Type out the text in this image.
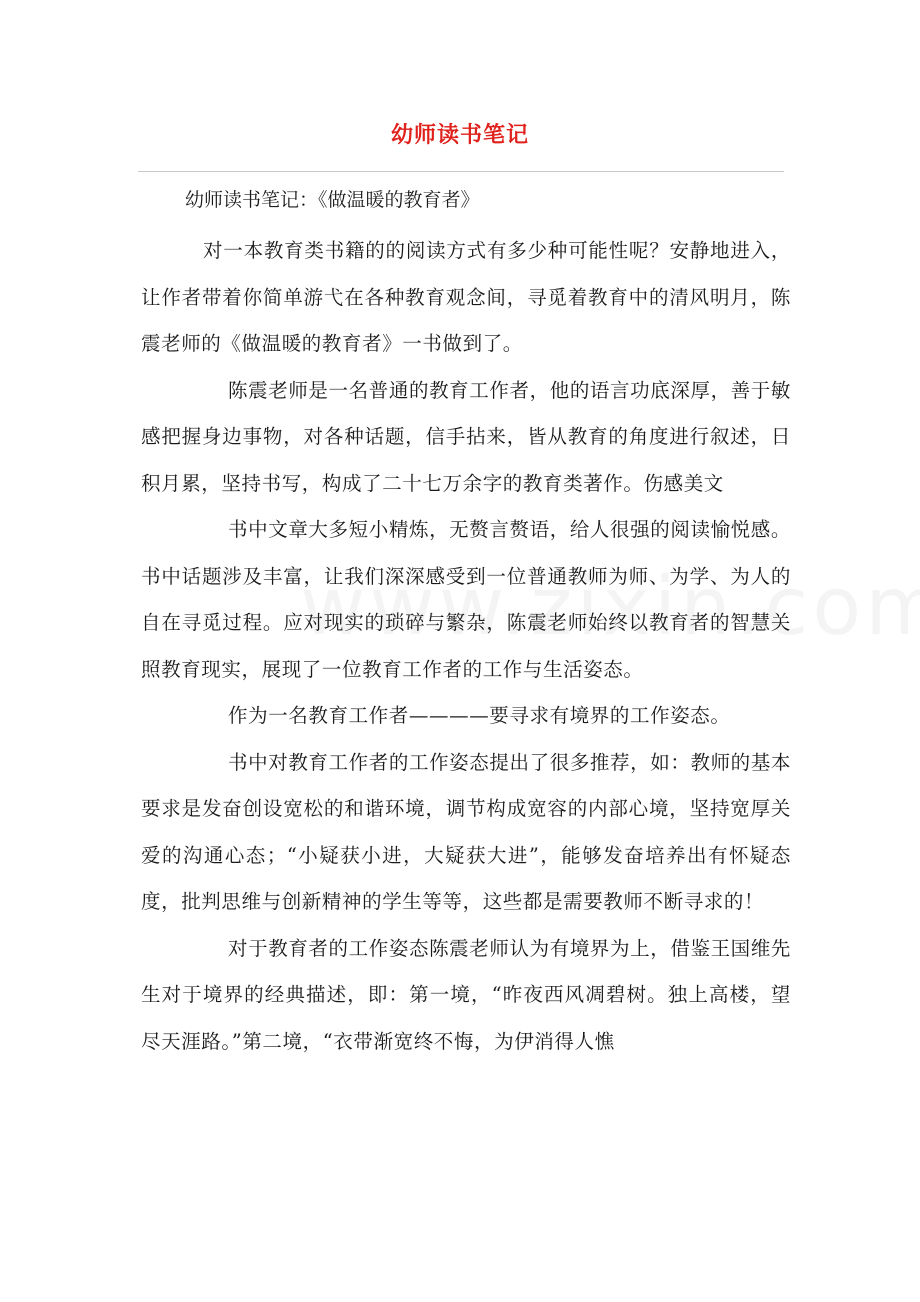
幼师读书笔记
幼师读书笔记：《做温暖的教育者》

对一本教育类书籍的的阅读方式有多少种可能性呢？安静地进入，让作者带着你简单游弋在各种教育观念间，寻觅着教育中的清风明月，陈震老师的《做温暖的教育者》一书做到了。

陈震老师是一名普通的教育工作者，他的语言功底深厚，善于敏感把握身边事物，对各种话题，信手拈来，皆从教育的角度进行叙述，日积月累，坚持书写，构成了二十七万余字的教育类著作。伤感美文

书中文章大多短小精炼，无赘言赘语，给人很强的阅读愉悦感。书中话题涉及丰富，让我们深深感受到一位普通教师为师、为学、为人的自在寻觅过程。应对现实的琐碎与繁杂，陈震老师始终以教育者的智慧关照教育现实，展现了一位教育工作者的工作与生活姿态。

作为一名教育工作者————要寻求有境界的工作姿态。

书中对教育工作者的工作姿态提出了很多推荐，如：教师的基本要求是发奋创设宽松的和谐环境，调节构成宽容的内部心境，坚持宽厚关爱的沟通心态；“小疑获小进，大疑获大进”，能够发奋培养出有怀疑态度，批判思维与创新精神的学生等等，这些都是需要教师不断寻求的！

对于教育者的工作姿态陈震老师认为有境界为上，借鉴王国维先生对于境界的经典描述，即：第一境，“昨夜西风凋碧树。独上高楼，望尽天涯路。”第二境，“衣带渐宽终不悔，为伊消得人憔
